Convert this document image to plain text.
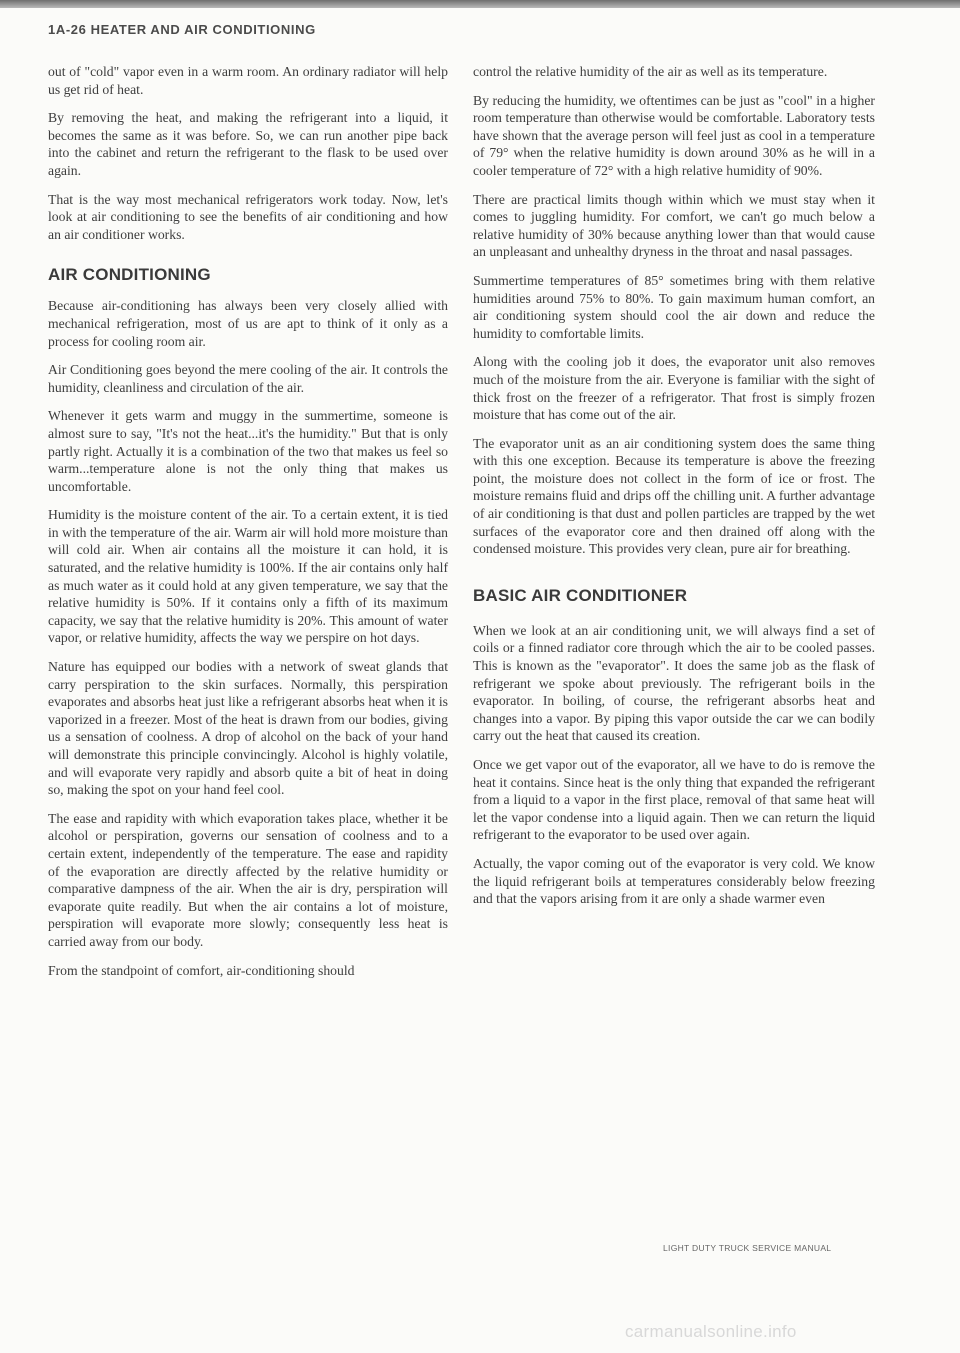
1A-26 HEATER AND AIR CONDITIONING

out of "cold" vapor even in a warm room. An ordinary radiator will help us get rid of heat.

By removing the heat, and making the refrigerant into a liquid, it becomes the same as it was before. So, we can run another pipe back into the cabinet and return the refrigerant to the flask to be used over again.

That is the way most mechanical refrigerators work today. Now, let's look at air conditioning to see the benefits of air conditioning and how an air conditioner works.

AIR CONDITIONING

Because air-conditioning has always been very closely allied with mechanical refrigeration, most of us are apt to think of it only as a process for cooling room air.

Air Conditioning goes beyond the mere cooling of the air. It controls the humidity, cleanliness and circulation of the air.

Whenever it gets warm and muggy in the summertime, someone is almost sure to say, "It's not the heat...it's the humidity." But that is only partly right. Actually it is a combination of the two that makes us feel so warm...temperature alone is not the only thing that makes us uncomfortable.

Humidity is the moisture content of the air. To a certain extent, it is tied in with the temperature of the air. Warm air will hold more moisture than will cold air. When air contains all the moisture it can hold, it is saturated, and the relative humidity is 100%. If the air contains only half as much water as it could hold at any given temperature, we say that the relative humidity is 50%. If it contains only a fifth of its maximum capacity, we say that the relative humidity is 20%. This amount of water vapor, or relative humidity, affects the way we perspire on hot days.

Nature has equipped our bodies with a network of sweat glands that carry perspiration to the skin surfaces. Normally, this perspiration evaporates and absorbs heat just like a refrigerant absorbs heat when it is vaporized in a freezer. Most of the heat is drawn from our bodies, giving us a sensation of coolness. A drop of alcohol on the back of your hand will demonstrate this principle convincingly. Alcohol is highly volatile, and will evaporate very rapidly and absorb quite a bit of heat in doing so, making the spot on your hand feel cool.

The ease and rapidity with which evaporation takes place, whether it be alcohol or perspiration, governs our sensation of coolness and to a certain extent, independently of the temperature. The ease and rapidity of the evaporation are directly affected by the relative humidity or comparative dampness of the air. When the air is dry, perspiration will evaporate quite readily. But when the air contains a lot of moisture, perspiration will evaporate more slowly; consequently less heat is carried away from our body.

From the standpoint of comfort, air-conditioning should

control the relative humidity of the air as well as its temperature.

By reducing the humidity, we oftentimes can be just as "cool" in a higher room temperature than otherwise would be comfortable. Laboratory tests have shown that the average person will feel just as cool in a temperature of 79° when the relative humidity is down around 30% as he will in a cooler temperature of 72° with a high relative humidity of 90%.

There are practical limits though within which we must stay when it comes to juggling humidity. For comfort, we can't go much below a relative humidity of 30% because anything lower than that would cause an unpleasant and unhealthy dryness in the throat and nasal passages.

Summertime temperatures of 85° sometimes bring with them relative humidities around 75% to 80%. To gain maximum human comfort, an air conditioning system should cool the air down and reduce the humidity to comfortable limits.

Along with the cooling job it does, the evaporator unit also removes much of the moisture from the air. Everyone is familiar with the sight of thick frost on the freezer of a refrigerator. That frost is simply frozen moisture that has come out of the air.

The evaporator unit as an air conditioning system does the same thing with this one exception. Because its temperature is above the freezing point, the moisture does not collect in the form of ice or frost. The moisture remains fluid and drips off the chilling unit. A further advantage of air conditioning is that dust and pollen particles are trapped by the wet surfaces of the evaporator core and then drained off along with the condensed moisture. This provides very clean, pure air for breathing.

BASIC AIR CONDITIONER

When we look at an air conditioning unit, we will always find a set of coils or a finned radiator core through which the air to be cooled passes. This is known as the "evaporator". It does the same job as the flask of refrigerant we spoke about previously. The refrigerant boils in the evaporator. In boiling, of course, the refrigerant absorbs heat and changes into a vapor. By piping this vapor outside the car we can bodily carry out the heat that caused its creation.

Once we get vapor out of the evaporator, all we have to do is remove the heat it contains. Since heat is the only thing that expanded the refrigerant from a liquid to a vapor in the first place, removal of that same heat will let the vapor condense into a liquid again. Then we can return the liquid refrigerant to the evaporator to be used over again.

Actually, the vapor coming out of the evaporator is very cold. We know the liquid refrigerant boils at temperatures considerably below freezing and that the vapors arising from it are only a shade warmer even

LIGHT DUTY TRUCK SERVICE MANUAL
carmanualsonline.info
